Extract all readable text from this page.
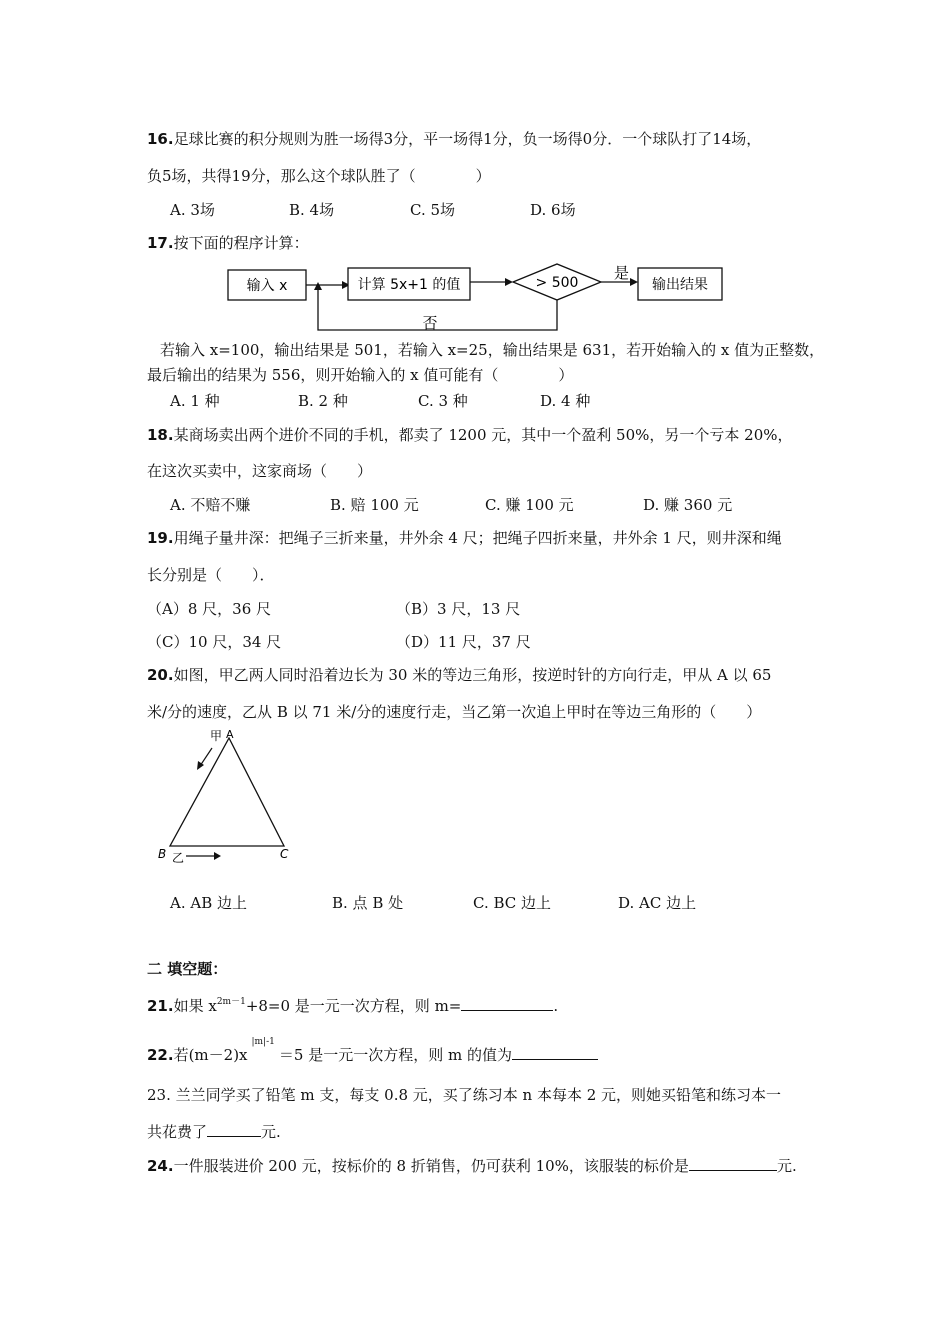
16.足球比赛的积分规则为胜一场得3分，平一场得1分，负一场得0分．一个球队打了14场，
负5场，共得19分，那么这个球队胜了（　　　　）
A. 3场	B. 4场	C. 5场	D. 6场
17.按下面的程序计算：
输入 x	计算 5x+1 的值	> 500
是
输出结果
否
若输入 x=100，输出结果是 501，若输入 x=25，输出结果是 631，若开始输入的 x 值为正整数，
最后输出的结果为 556，则开始输入的 x 值可能有（　　　　）
A. 1 种	B. 2 种	C. 3 种	D. 4 种
18.某商场卖出两个进价不同的手机，都卖了 1200 元，其中一个盈利 50%，另一个亏本 20%，
在这次买卖中，这家商场（　　）
A. 不赔不赚	B. 赔 100 元	C. 赚 100 元	D. 赚 360 元
19.用绳子量井深：把绳子三折来量，井外余 4 尺；把绳子四折来量，井外余 1 尺，则井深和绳
长分别是（　　）．
（A）8 尺，36 尺	（B）3 尺，13 尺
（C）10 尺，34 尺	（D）11 尺，37 尺
20.如图，甲乙两人同时沿着边长为 30 米的等边三角形，按逆时针的方向行走，甲从 A 以 65
米/分的速度，乙从 B 以 71 米/分的速度行走，当乙第一次追上甲时在等边三角形的（　　）
甲 A
B 乙	C
A. AB 边上	B. 点 B 处	C. BC 边上	D. AC 边上
二 填空题：
21.如果 $x^{2m-1}+8=0$ 是一元一次方程，则 m=	.
22.若$(m-2)x^{|m|-1}=5$ 是一元一次方程，则 m 的值为
23. 兰兰同学买了铅笔 m 支，每支 0.8 元，买了练习本 n 本每本 2 元，则她买铅笔和练习本一
共花费了	元.
24.一件服装进价 200 元，按标价的 8 折销售，仍可获利 10%，该服装的标价是	元.
